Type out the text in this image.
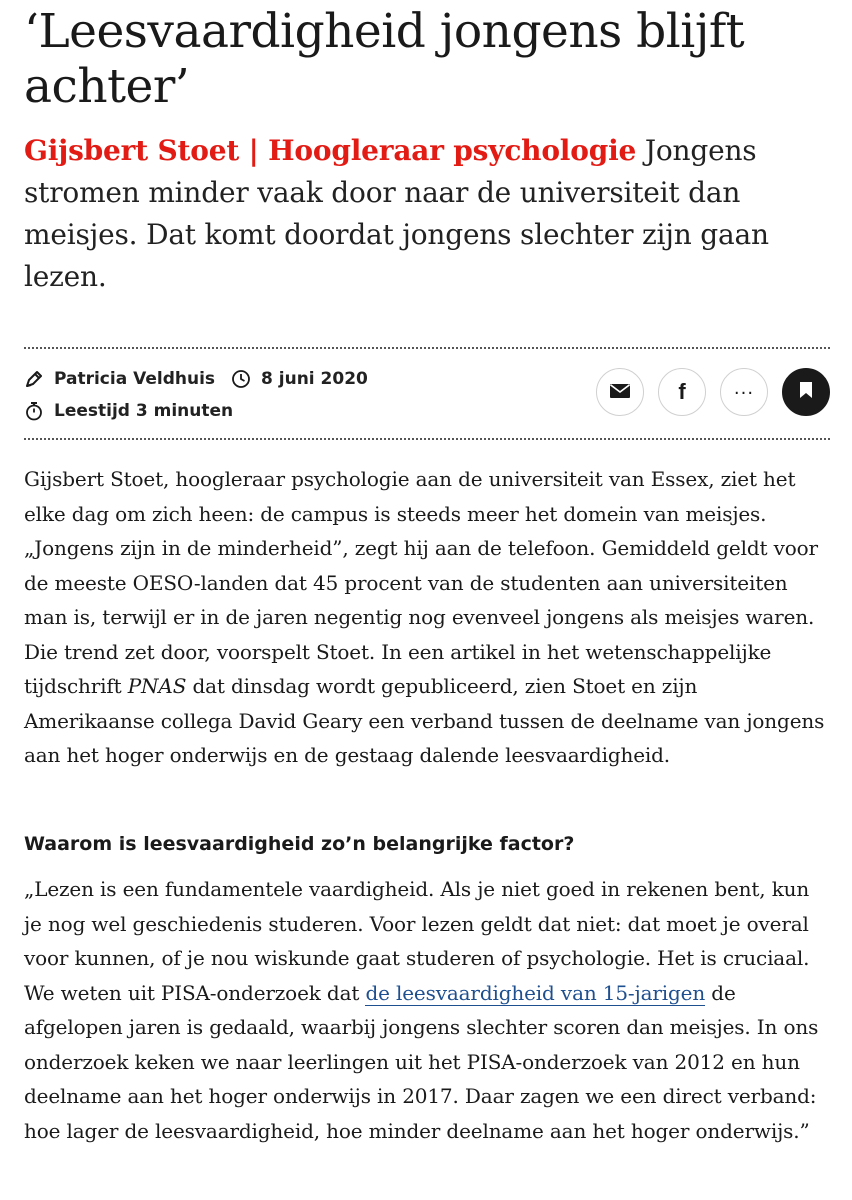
‘Leesvaardigheid jongens blijft achter’

Gijsbert Stoet | Hoogleraar psychologie Jongens stromen minder vaak door naar de universiteit dan meisjes. Dat komt doordat jongens slechter zijn gaan lezen.

Patricia Veldhuis	8 juni 2020
Leestijd 3 minuten
f	...

Gijsbert Stoet, hoogleraar psychologie aan de universiteit van Essex, ziet het elke dag om zich heen: de campus is steeds meer het domein van meisjes. „Jongens zijn in de minderheid”, zegt hij aan de telefoon. Gemiddeld geldt voor de meeste OESO-landen dat 45 procent van de studenten aan universiteiten man is, terwijl er in de jaren negentig nog evenveel jongens als meisjes waren. Die trend zet door, voorspelt Stoet. In een artikel in het wetenschappelijke tijdschrift PNAS dat dinsdag wordt gepubliceerd, zien Stoet en zijn Amerikaanse collega David Geary een verband tussen de deelname van jongens aan het hoger onderwijs en de gestaag dalende leesvaardigheid.

Waarom is leesvaardigheid zo’n belangrijke factor?

„Lezen is een fundamentele vaardigheid. Als je niet goed in rekenen bent, kun je nog wel geschiedenis studeren. Voor lezen geldt dat niet: dat moet je overal voor kunnen, of je nou wiskunde gaat studeren of psychologie. Het is cruciaal. We weten uit PISA-onderzoek dat de leesvaardigheid van 15-jarigen de afgelopen jaren is gedaald, waarbij jongens slechter scoren dan meisjes. In ons onderzoek keken we naar leerlingen uit het PISA-onderzoek van 2012 en hun deelname aan het hoger onderwijs in 2017. Daar zagen we een direct verband: hoe lager de leesvaardigheid, hoe minder deelname aan het hoger onderwijs.”
